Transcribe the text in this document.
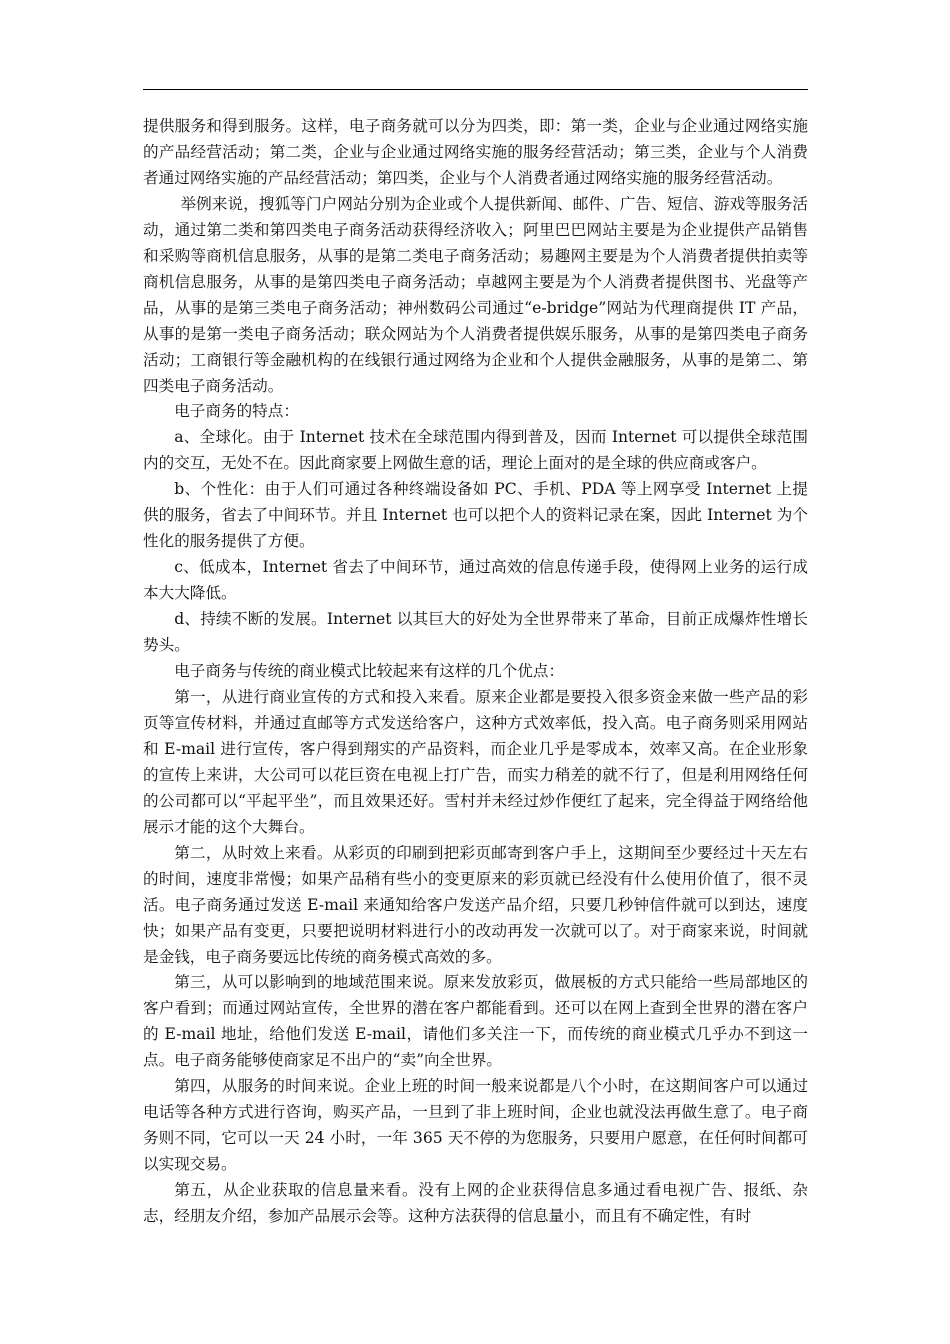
提供服务和得到服务。这样，电子商务就可以分为四类，即：第一类，企业与企业通过网络实施的产品经营活动；第二类，企业与企业通过网络实施的服务经营活动；第三类，企业与个人消费者通过网络实施的产品经营活动；第四类，企业与个人消费者通过网络实施的服务经营活动。

举例来说，搜狐等门户网站分别为企业或个人提供新闻、邮件、广告、短信、游戏等服务活动，通过第二类和第四类电子商务活动获得经济收入；阿里巴巴网站主要是为企业提供产品销售和采购等商机信息服务，从事的是第二类电子商务活动；易趣网主要是为个人消费者提供拍卖等商机信息服务，从事的是第四类电子商务活动；卓越网主要是为个人消费者提供图书、光盘等产品，从事的是第三类电子商务活动；神州数码公司通过“e-bridge”网站为代理商提供 IT 产品，从事的是第一类电子商务活动；联众网站为个人消费者提供娱乐服务，从事的是第四类电子商务活动；工商银行等金融机构的在线银行通过网络为企业和个人提供金融服务，从事的是第二、第四类电子商务活动。

电子商务的特点：

a、全球化。由于 Internet 技术在全球范围内得到普及，因而 Internet 可以提供全球范围内的交互，无处不在。因此商家要上网做生意的话，理论上面对的是全球的供应商或客户。

b、个性化：由于人们可通过各种终端设备如 PC、手机、PDA 等上网享受 Internet 上提供的服务，省去了中间环节。并且 Internet 也可以把个人的资料记录在案，因此 Internet 为个性化的服务提供了方便。

c、低成本，Internet 省去了中间环节，通过高效的信息传递手段，使得网上业务的运行成本大大降低。

d、持续不断的发展。Internet 以其巨大的好处为全世界带来了革命，目前正成爆炸性增长势头。

电子商务与传统的商业模式比较起来有这样的几个优点：

第一，从进行商业宣传的方式和投入来看。原来企业都是要投入很多资金来做一些产品的彩页等宣传材料，并通过直邮等方式发送给客户，这种方式效率低，投入高。电子商务则采用网站和 E-mail 进行宣传，客户得到翔实的产品资料，而企业几乎是零成本，效率又高。在企业形象的宣传上来讲，大公司可以花巨资在电视上打广告，而实力稍差的就不行了，但是利用网络任何的公司都可以“平起平坐”，而且效果还好。雪村并未经过炒作便红了起来，完全得益于网络给他展示才能的这个大舞台。

第二，从时效上来看。从彩页的印刷到把彩页邮寄到客户手上，这期间至少要经过十天左右的时间，速度非常慢；如果产品稍有些小的变更原来的彩页就已经没有什么使用价值了，很不灵活。电子商务通过发送 E-mail 来通知给客户发送产品介绍，只要几秒钟信件就可以到达，速度快；如果产品有变更，只要把说明材料进行小的改动再发一次就可以了。对于商家来说，时间就是金钱，电子商务要远比传统的商务模式高效的多。

第三，从可以影响到的地域范围来说。原来发放彩页，做展板的方式只能给一些局部地区的客户看到；而通过网站宣传，全世界的潜在客户都能看到。还可以在网上查到全世界的潜在客户的 E-mail 地址，给他们发送 E-mail，请他们多关注一下，而传统的商业模式几乎办不到这一点。电子商务能够使商家足不出户的“卖”向全世界。

第四，从服务的时间来说。企业上班的时间一般来说都是八个小时，在这期间客户可以通过电话等各种方式进行咨询，购买产品，一旦到了非上班时间，企业也就没法再做生意了。电子商务则不同，它可以一天 24 小时，一年 365 天不停的为您服务，只要用户愿意，在任何时间都可以实现交易。

第五，从企业获取的信息量来看。没有上网的企业获得信息多通过看电视广告、报纸、杂志，经朋友介绍，参加产品展示会等。这种方法获得的信息量小，而且有不确定性，有时
